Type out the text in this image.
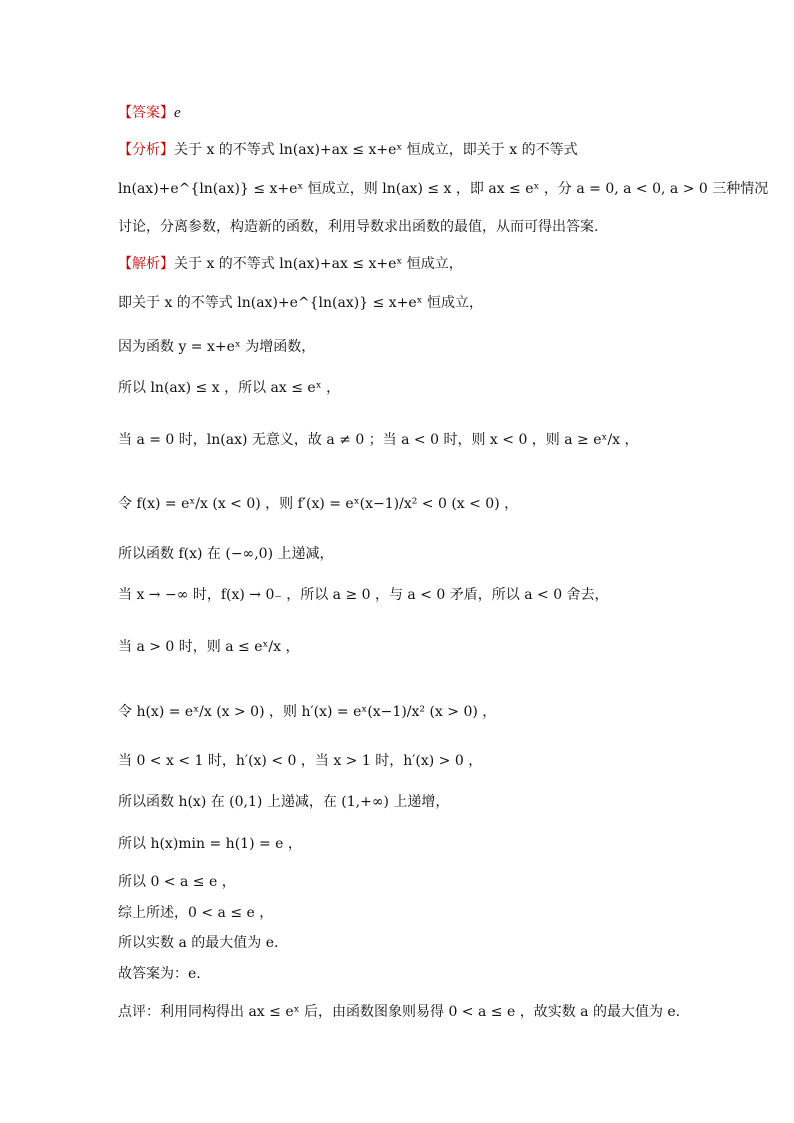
【答案】e
【分析】关于 x 的不等式 ln(ax)+ax ≤ x+eˣ 恒成立，即关于 x 的不等式
ln(ax)+e^{ln(ax)} ≤ x+eˣ 恒成立，则 ln(ax) ≤ x ，即 ax ≤ eˣ ，分 a = 0, a < 0, a > 0 三种情况
讨论，分离参数，构造新的函数，利用导数求出函数的最值，从而可得出答案.
【解析】关于 x 的不等式 ln(ax)+ax ≤ x+eˣ 恒成立，
即关于 x 的不等式 ln(ax)+e^{ln(ax)} ≤ x+eˣ 恒成立，
因为函数 y = x+eˣ 为增函数，
所以 ln(ax) ≤ x ，所以 ax ≤ eˣ ，
当 a = 0 时，ln(ax) 无意义，故 a ≠ 0 ；当 a < 0 时，则 x < 0 ，则 a ≥ eˣ/x ，
令 f(x) = eˣ/x (x < 0) ，则 f′(x) = eˣ(x−1)/x² < 0 (x < 0) ，
所以函数 f(x) 在 (−∞,0) 上递减，
当 x → −∞ 时，f(x) → 0₋ ，所以 a ≥ 0 ，与 a < 0 矛盾，所以 a < 0 舍去，
当 a > 0 时，则 a ≤ eˣ/x ，
令 h(x) = eˣ/x (x > 0) ，则 h′(x) = eˣ(x−1)/x² (x > 0) ，
当 0 < x < 1 时，h′(x) < 0 ，当 x > 1 时，h′(x) > 0 ，
所以函数 h(x) 在 (0,1) 上递减，在 (1,+∞) 上递增，
所以 h(x)min = h(1) = e ，
所以 0 < a ≤ e ，
综上所述，0 < a ≤ e ，
所以实数 a 的最大值为 e.
故答案为：e.
点评：利用同构得出 ax ≤ eˣ 后，由函数图象则易得 0 < a ≤ e ，故实数 a 的最大值为 e.
